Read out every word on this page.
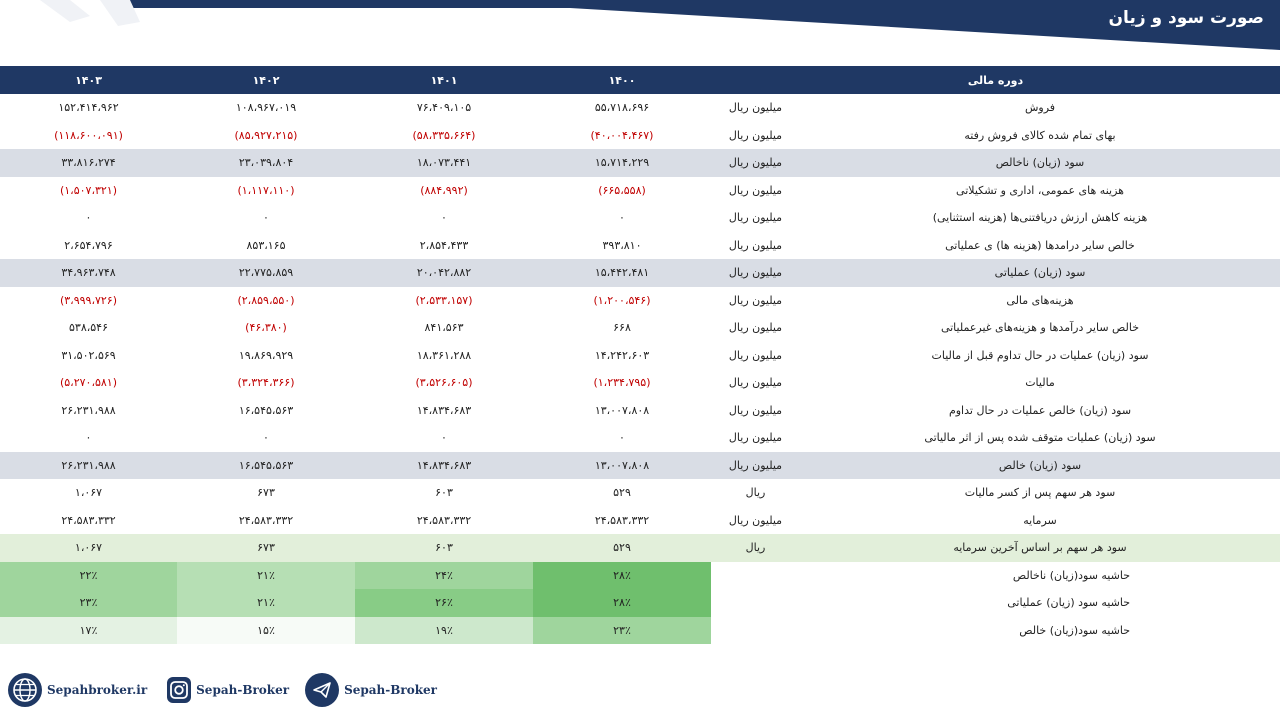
صورت سود و زیان
۱۴۰۳	۱۴۰۲	۱۴۰۱	۱۴۰۰	دوره مالی	
۱۵۲،۴۱۴،۹۶۲	۱۰۸،۹۶۷،۰۱۹	۷۶،۴۰۹،۱۰۵	۵۵،۷۱۸،۶۹۶	میلیون ریال	فروش
(۱۱۸،۶۰۰،۰۹۱)	(۸۵،۹۲۷،۲۱۵)	(۵۸،۳۳۵،۶۶۴)	(۴۰،۰۰۴،۴۶۷)	میلیون ریال	بهای تمام شده کالای فروش رفته
۳۳،۸۱۶،۲۷۴	۲۳،۰۳۹،۸۰۴	۱۸،۰۷۳،۴۴۱	۱۵،۷۱۴،۲۲۹	میلیون ریال	سود (زیان) ناخالص
(۱،۵۰۷،۳۲۱)	(۱،۱۱۷،۱۱۰)	(۸۸۴،۹۹۲)	(۶۶۵،۵۵۸)	میلیون ریال	هزینه های عمومی، اداری و تشکیلاتی
۰	۰	۰	۰	میلیون ریال	هزینه کاهش ارزش دریافتنی‌ها (هزینه استثنایی)
۲،۶۵۴،۷۹۶	۸۵۳،۱۶۵	۲،۸۵۴،۴۳۳	۳۹۳،۸۱۰	میلیون ریال	خالص سایر درامدها (هزینه ها) ی عملیاتی
۳۴،۹۶۳،۷۴۸	۲۲،۷۷۵،۸۵۹	۲۰،۰۴۲،۸۸۲	۱۵،۴۴۲،۴۸۱	میلیون ریال	سود (زیان) عملیاتی
(۳،۹۹۹،۷۲۶)	(۲،۸۵۹،۵۵۰)	(۲،۵۳۳،۱۵۷)	(۱،۲۰۰،۵۴۶)	میلیون ریال	هزینه‌های مالی
۵۳۸،۵۴۶	(۴۶،۳۸۰)	۸۴۱،۵۶۳	۶۶۸	میلیون ریال	خالص سایر درآمدها و هزینه‌های غیرعملیاتی
۳۱،۵۰۲،۵۶۹	۱۹،۸۶۹،۹۲۹	۱۸،۳۶۱،۲۸۸	۱۴،۲۴۲،۶۰۳	میلیون ریال	سود (زیان) عملیات در حال تداوم قبل از مالیات
(۵،۲۷۰،۵۸۱)	(۳،۳۲۴،۳۶۶)	(۳،۵۲۶،۶۰۵)	(۱،۲۳۴،۷۹۵)	میلیون ریال	مالیات
۲۶،۲۳۱،۹۸۸	۱۶،۵۴۵،۵۶۳	۱۴،۸۳۴،۶۸۳	۱۳،۰۰۷،۸۰۸	میلیون ریال	سود (زیان) خالص عملیات در حال تداوم
۰	۰	۰	۰	میلیون ریال	سود (زیان) عملیات متوقف شده پس از اثر مالیاتی
۲۶،۲۳۱،۹۸۸	۱۶،۵۴۵،۵۶۳	۱۴،۸۳۴،۶۸۳	۱۳،۰۰۷،۸۰۸	میلیون ریال	سود (زیان) خالص
۱،۰۶۷	۶۷۳	۶۰۳	۵۲۹	ریال	سود هر سهم پس از کسر مالیات
۲۴،۵۸۳،۳۳۲	۲۴،۵۸۳،۳۳۲	۲۴،۵۸۳،۳۳۲	۲۴،۵۸۳،۳۳۲	میلیون ریال	سرمایه
۱،۰۶۷	۶۷۳	۶۰۳	۵۲۹	ریال	سود هر سهم بر اساس آخرین سرمایه
۲۲٪	۲۱٪	۲۴٪	۲۸٪	حاشیه سود(زیان) ناخالص	
۲۳٪	۲۱٪	۲۶٪	۲۸٪	حاشیه سود (زیان) عملیاتی	
۱۷٪	۱۵٪	۱۹٪	۲۳٪	حاشیه سود(زیان) خالص	
Sepahbroker.ir	Sepah-Broker	Sepah-Broker
